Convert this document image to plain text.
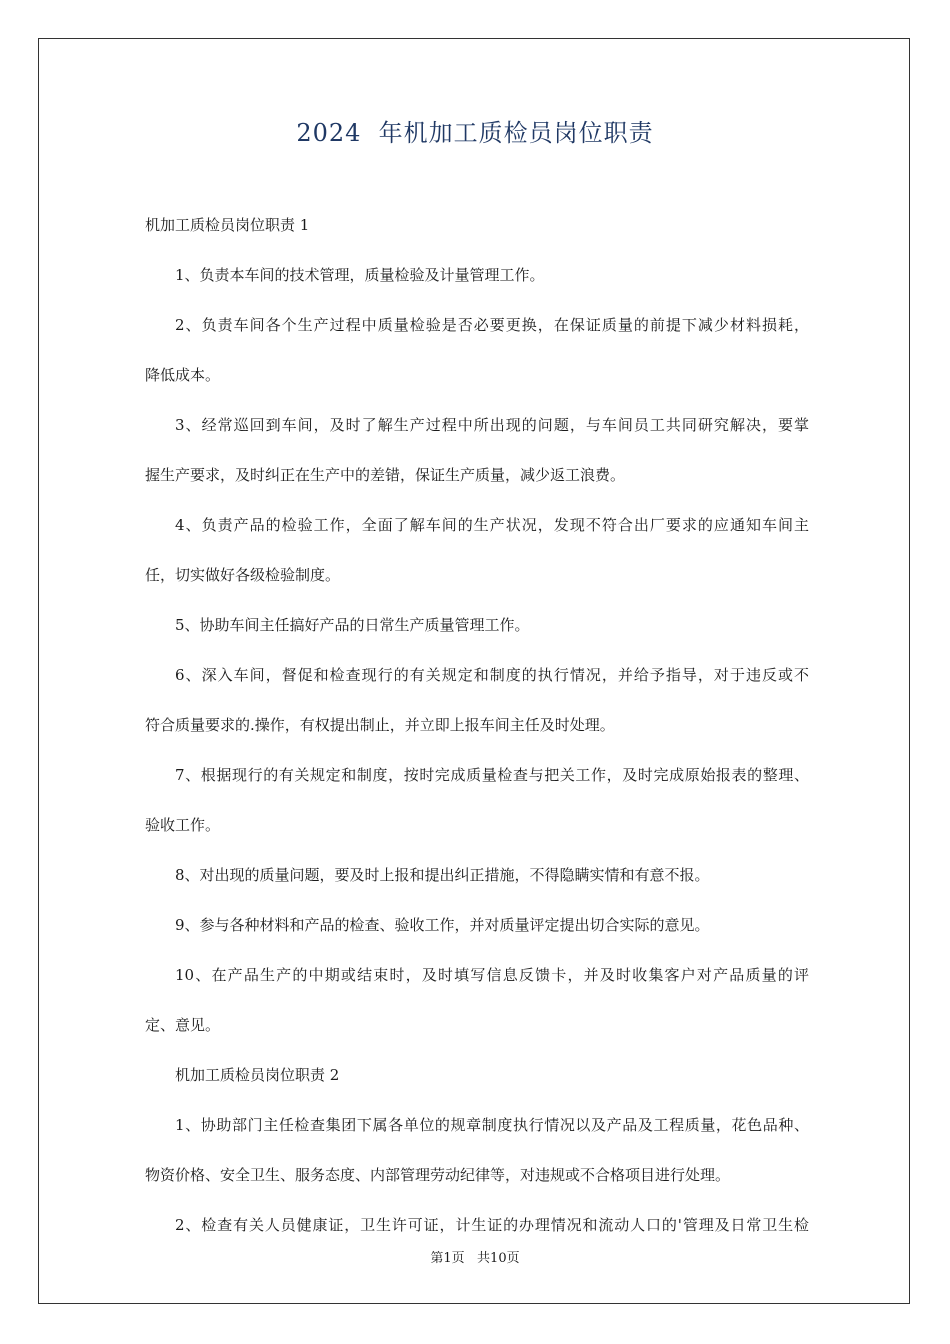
2024  年机加工质检员岗位职责
机加工质检员岗位职责 1
1、负责本车间的技术管理，质量检验及计量管理工作。
2、负责车间各个生产过程中质量检验是否必要更换，在保证质量的前提下减少材料损耗，
降低成本。
3、经常巡回到车间，及时了解生产过程中所出现的问题，与车间员工共同研究解决，要掌
握生产要求，及时纠正在生产中的差错，保证生产质量，减少返工浪费。
4、负责产品的检验工作，全面了解车间的生产状况，发现不符合出厂要求的应通知车间主
任，切实做好各级检验制度。
5、协助车间主任搞好产品的日常生产质量管理工作。
6、深入车间，督促和检查现行的有关规定和制度的执行情况，并给予指导，对于违反或不
符合质量要求的.操作，有权提出制止，并立即上报车间主任及时处理。
7、根据现行的有关规定和制度，按时完成质量检查与把关工作，及时完成原始报表的整理、
验收工作。
8、对出现的质量问题，要及时上报和提出纠正措施，不得隐瞒实情和有意不报。
9、参与各种材料和产品的检查、验收工作，并对质量评定提出切合实际的意见。
10、在产品生产的中期或结束时，及时填写信息反馈卡，并及时收集客户对产品质量的评
定、意见。
机加工质检员岗位职责 2
1、协助部门主任检查集团下属各单位的规章制度执行情况以及产品及工程质量，花色品种、
物资价格、安全卫生、服务态度、内部管理劳动纪律等，对违规或不合格项目进行处理。
2、检查有关人员健康证，卫生许可证，计生证的办理情况和流动人口的'管理及日常卫生检
第1页   共10页
